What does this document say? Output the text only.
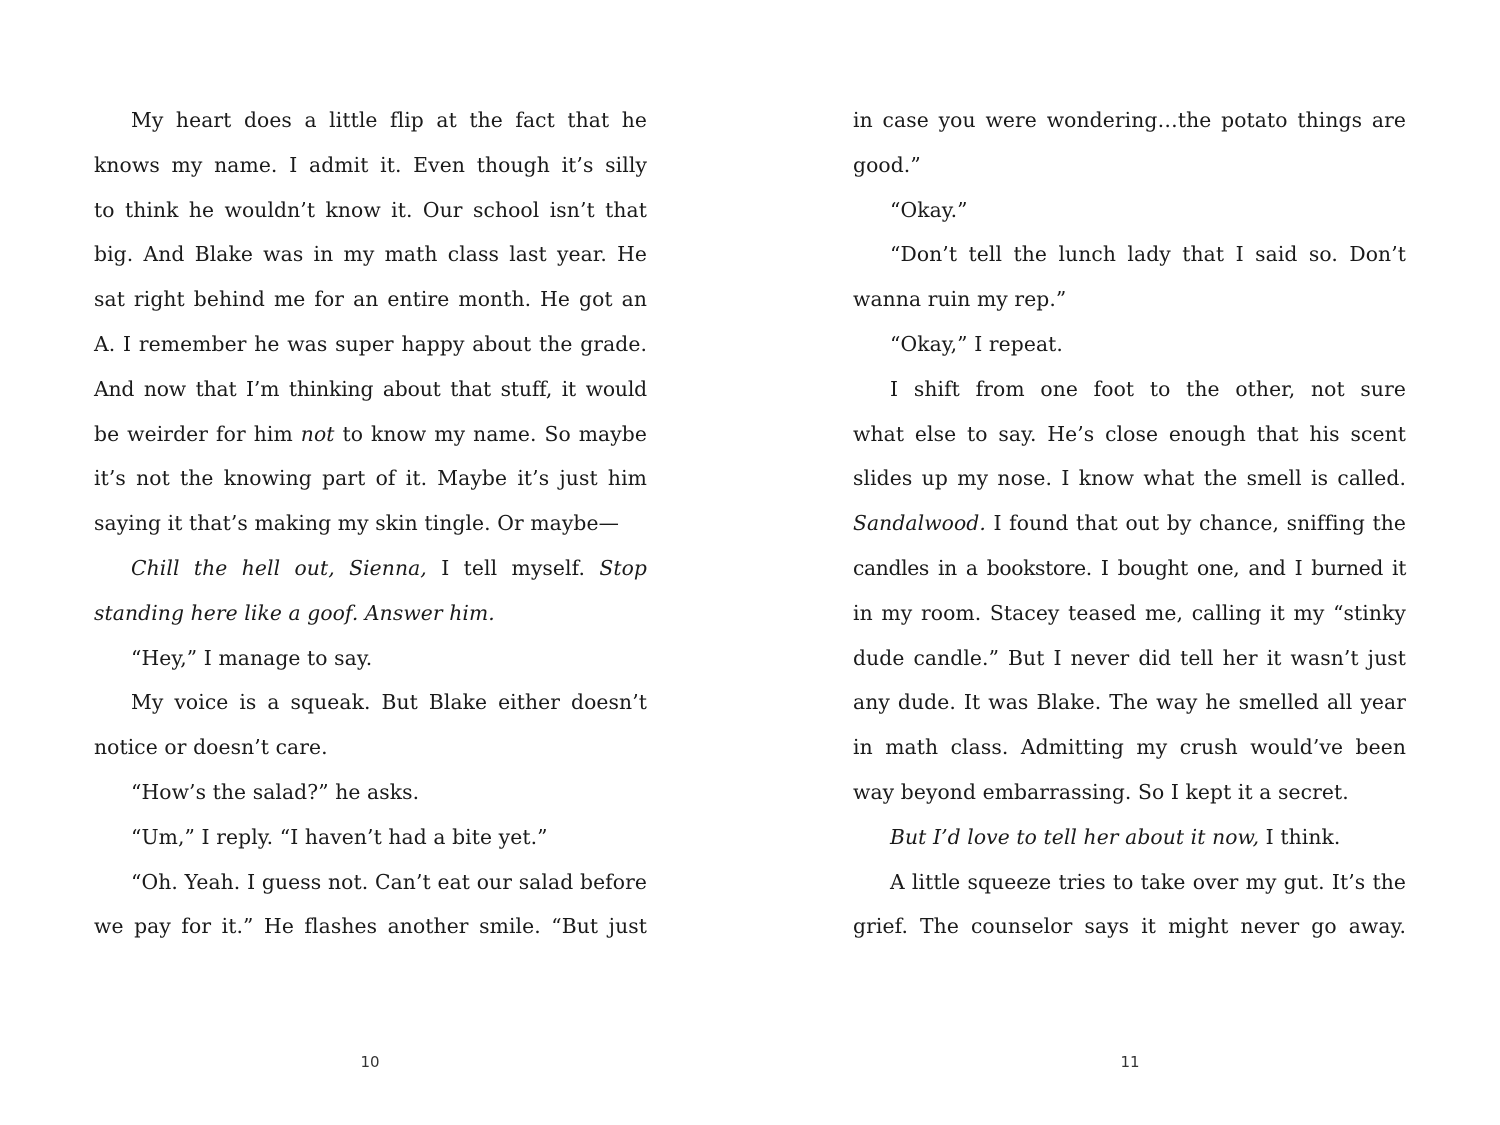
My heart does a little flip at the fact that he
knows my name. I admit it. Even though it’s silly
to think he wouldn’t know it. Our school isn’t that
big. And Blake was in my math class last year. He
sat right behind me for an entire month. He got an
A. I remember he was super happy about the grade.
And now that I’m thinking about that stuff, it would
be weirder for him not to know my name. So maybe
it’s not the knowing part of it. Maybe it’s just him
saying it that’s making my skin tingle. Or maybe—
Chill the hell out, Sienna, I tell myself. Stop
standing here like a goof. Answer him.
“Hey,” I manage to say.
My voice is a squeak. But Blake either doesn’t
notice or doesn’t care.
“How’s the salad?” he asks.
“Um,” I reply. “I haven’t had a bite yet.”
“Oh. Yeah. I guess not. Can’t eat our salad before
we pay for it.” He flashes another smile. “But just
in case you were wondering…the potato things are
good.”
“Okay.”
“Don’t tell the lunch lady that I said so. Don’t
wanna ruin my rep.”
“Okay,” I repeat.
I shift from one foot to the other, not sure
what else to say. He’s close enough that his scent
slides up my nose. I know what the smell is called.
Sandalwood. I found that out by chance, sniffing the
candles in a bookstore. I bought one, and I burned it
in my room. Stacey teased me, calling it my “stinky
dude candle.” But I never did tell her it wasn’t just
any dude. It was Blake. The way he smelled all year
in math class. Admitting my crush would’ve been
way beyond embarrassing. So I kept it a secret.
But I’d love to tell her about it now, I think.
A little squeeze tries to take over my gut. It’s the
grief. The counselor says it might never go away.
10	11
